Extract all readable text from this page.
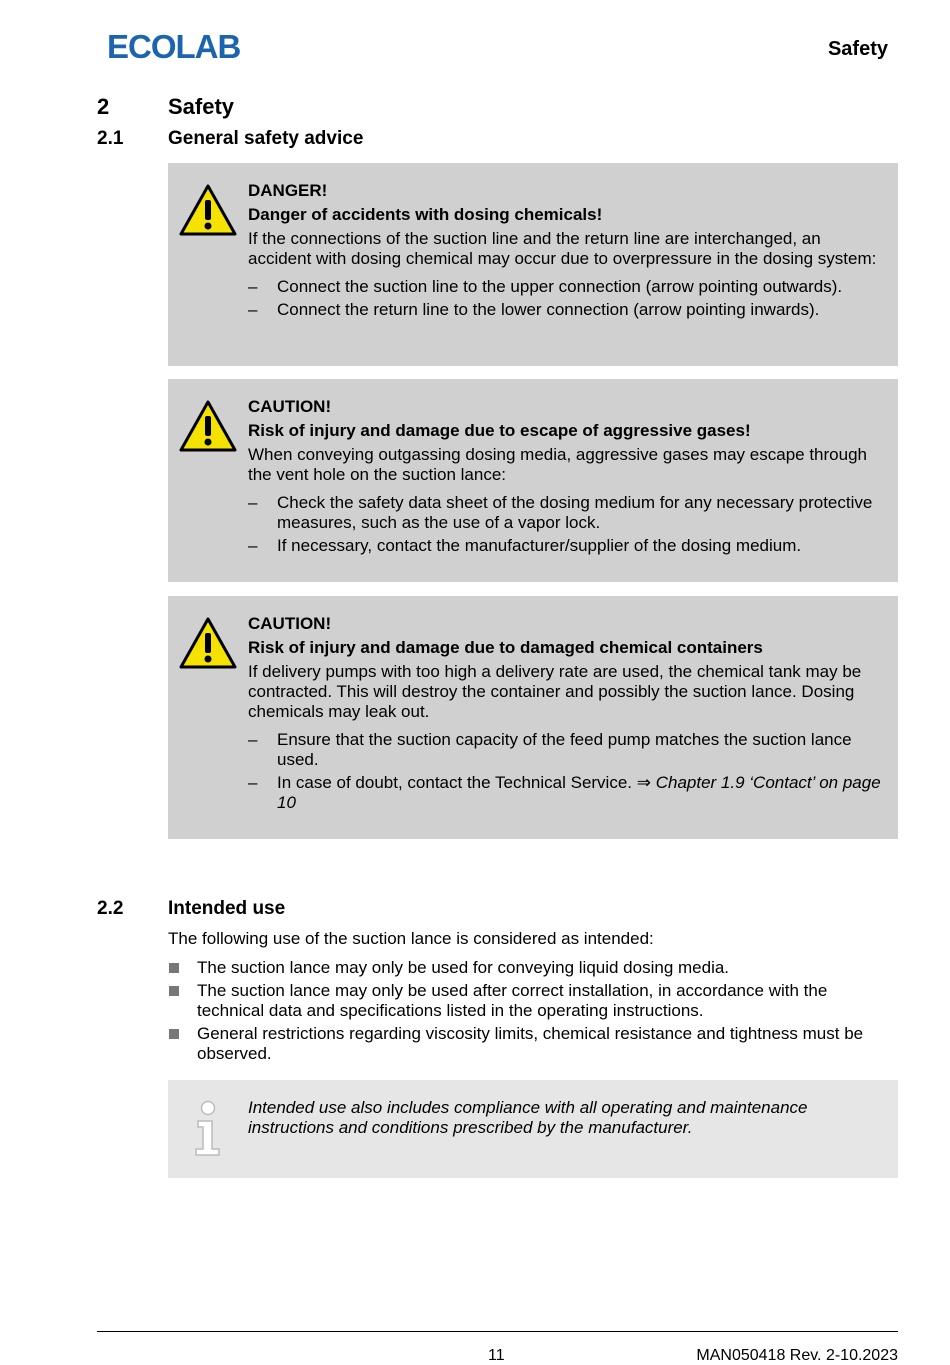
ECOLAB	Safety
2	Safety
2.1 General safety advice

DANGER!

Danger of accidents with dosing chemicals!

If the connections of the suction line and the return line are interchanged, an accident with dosing chemical may occur due to overpressure in the dosing system:

– Connect the suction line to the upper connection (arrow pointing outwards).
– Connect the return line to the lower connection (arrow pointing inwards).

CAUTION!

Risk of injury and damage due to escape of aggressive gases!

When conveying outgassing dosing media, aggressive gases may escape through the vent hole on the suction lance:

– Check the safety data sheet of the dosing medium for any necessary protective measures, such as the use of a vapor lock.
– If necessary, contact the manufacturer/supplier of the dosing medium.

CAUTION!

Risk of injury and damage due to damaged chemical containers

If delivery pumps with too high a delivery rate are used, the chemical tank may be contracted. This will destroy the container and possibly the suction lance. Dosing chemicals may leak out.

– Ensure that the suction capacity of the feed pump matches the suction lance used.
– In case of doubt, contact the Technical Service. ⇒ Chapter 1.9 ‘Contact’ on page 10
2.2 Intended use
The following use of the suction lance is considered as intended:
The suction lance may only be used for conveying liquid dosing media.
The suction lance may only be used after correct installation, in accordance with the technical data and specifications listed in the operating instructions.
General restrictions regarding viscosity limits, chemical resistance and tightness must be observed.
Intended use also includes compliance with all operating and maintenance instructions and conditions prescribed by the manufacturer.
11	MAN050418 Rev. 2-10.2023
